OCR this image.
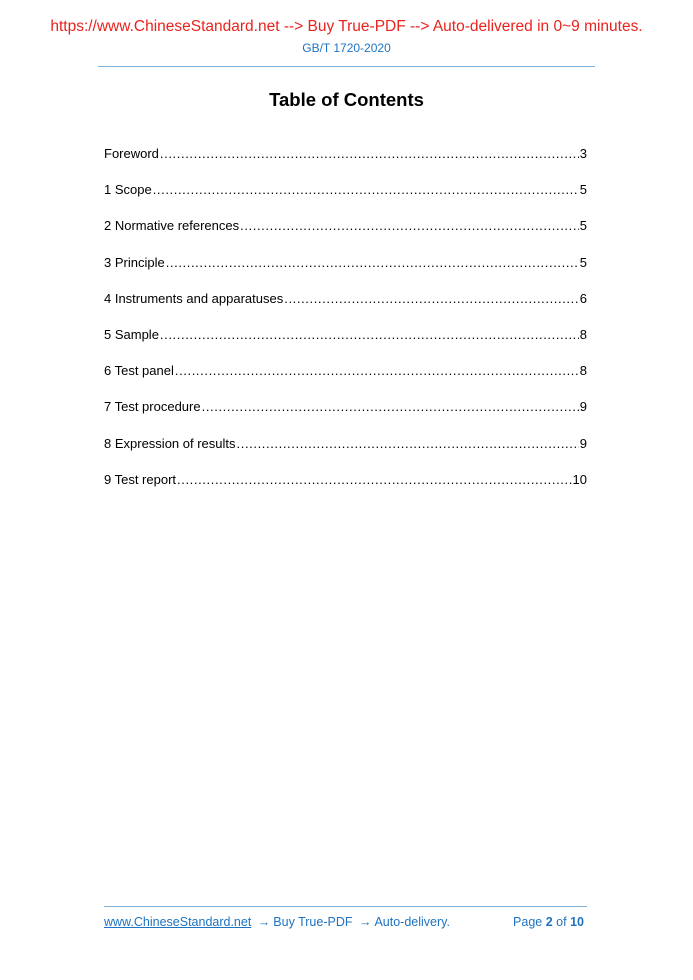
https://www.ChineseStandard.net --> Buy True-PDF --> Auto-delivered in 0~9 minutes.
GB/T 1720-2020
Table of Contents
Foreword .....	3
1 Scope .....	5
2 Normative references .....	5
3 Principle .....	5
4 Instruments and apparatuses .....	6
5 Sample .....	8
6 Test panel .....	8
7 Test procedure .....	9
8 Expression of results .....	9
9 Test report .....	10
www.ChineseStandard.net → Buy True-PDF → Auto-delivery.	Page 2 of 10
